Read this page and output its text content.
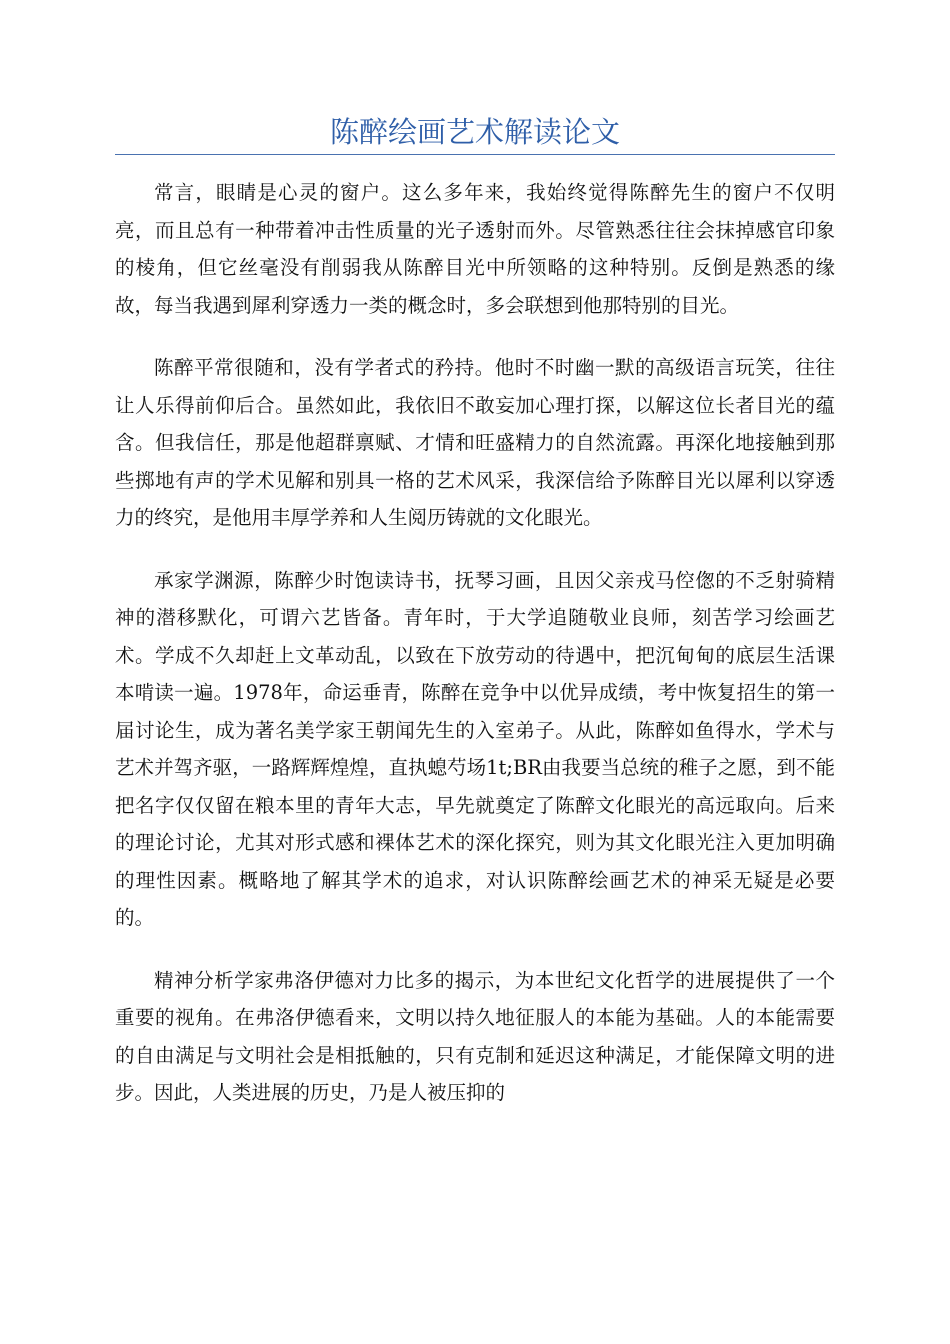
陈醉绘画艺术解读论文

常言，眼睛是心灵的窗户。这么多年来，我始终觉得陈醉先生的窗户不仅明亮，而且总有一种带着冲击性质量的光子透射而外。尽管熟悉往往会抹掉感官印象的棱角，但它丝毫没有削弱我从陈醉目光中所领略的这种特别。反倒是熟悉的缘故，每当我遇到犀利穿透力一类的概念时，多会联想到他那特别的目光。

陈醉平常很随和，没有学者式的矜持。他时不时幽一默的高级语言玩笑，往往让人乐得前仰后合。虽然如此，我依旧不敢妄加心理打探，以解这位长者目光的蕴含。但我信任，那是他超群禀赋、才情和旺盛精力的自然流露。再深化地接触到那些掷地有声的学术见解和别具一格的艺术风采，我深信给予陈醉目光以犀利以穿透力的终究，是他用丰厚学养和人生阅历铸就的文化眼光。

承家学渊源，陈醉少时饱读诗书，抚琴习画，且因父亲戎马倥偬的不乏射骑精神的潜移默化，可谓六艺皆备。青年时，于大学追随敬业良师，刻苦学习绘画艺术。学成不久却赶上文革动乱，以致在下放劳动的待遇中，把沉甸甸的底层生活课本啃读一遍。1978年，命运垂青，陈醉在竞争中以优异成绩，考中恢复招生的第一届讨论生，成为著名美学家王朝闻先生的入室弟子。从此，陈醉如鱼得水，学术与艺术并驾齐驱，一路辉辉煌煌，直执螅芍场1t;BR由我要当总统的稚子之愿，到不能把名字仅仅留在粮本里的青年大志，早先就奠定了陈醉文化眼光的高远取向。后来的理论讨论，尤其对形式感和裸体艺术的深化探究，则为其文化眼光注入更加明确的理性因素。概略地了解其学术的追求，对认识陈醉绘画艺术的神采无疑是必要的。

精神分析学家弗洛伊德对力比多的揭示，为本世纪文化哲学的进展提供了一个重要的视角。在弗洛伊德看来，文明以持久地征服人的本能为基础。人的本能需要的自由满足与文明社会是相抵触的，只有克制和延迟这种满足，才能保障文明的进步。因此，人类进展的历史，乃是人被压抑的
